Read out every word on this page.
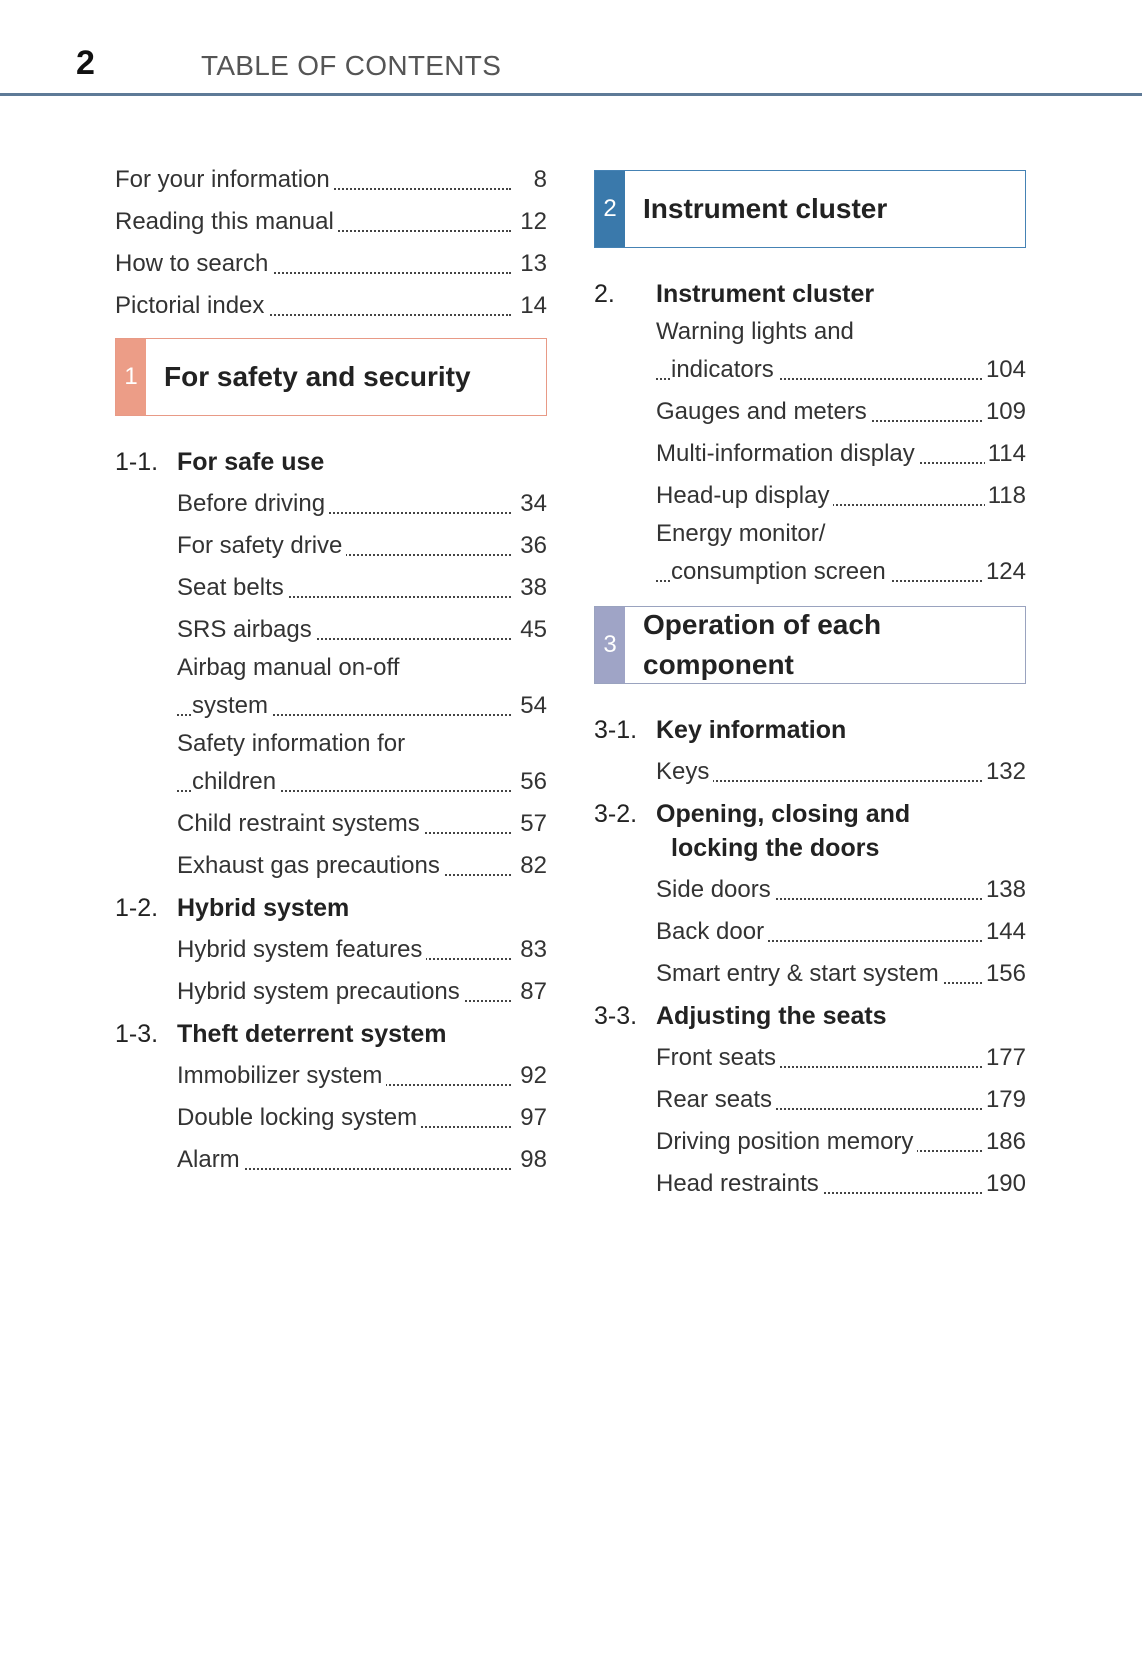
2	TABLE OF CONTENTS
For your information	8
Reading this manual	12
How to search	13
Pictorial index	14
1 For safety and security
1-1. For safe use
Before driving	34
For safety drive	36
Seat belts	38
SRS airbags	45
Airbag manual on-off
system	54
Safety information for
children	56
Child restraint systems	57
Exhaust gas precautions	82
1-2. Hybrid system
Hybrid system features	83
Hybrid system precautions	87
1-3. Theft deterrent system
Immobilizer system	92
Double locking system	97
Alarm	98
2 Instrument cluster
2. Instrument cluster
Warning lights and
indicators	104
Gauges and meters	109
Multi-information display	114
Head-up display	118
Energy monitor/
consumption screen	124
3
Operation of each
component
3-1. Key information
Keys	132
3-2. Opening, closing and
locking the doors
Side doors	138
Back door	144
Smart entry & start system 156
3-3. Adjusting the seats
Front seats	177
Rear seats	179
Driving position memory	186
Head restraints	190
